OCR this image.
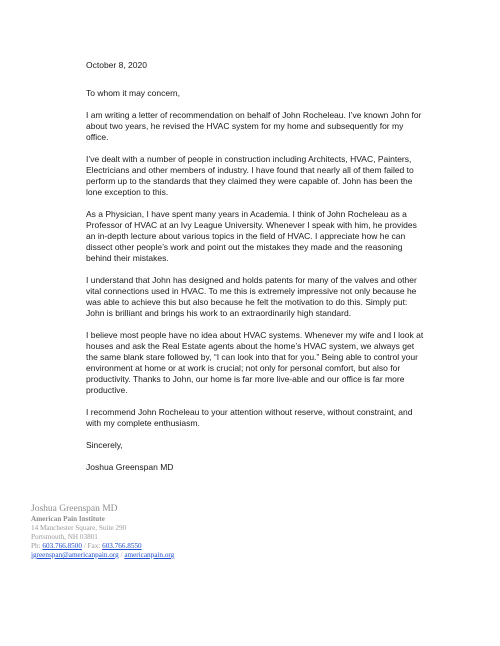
October 8, 2020

To whom it may concern,

I am writing a letter of recommendation on behalf of John Rocheleau. I’ve known John for about two years, he revised the HVAC system for my home and subsequently for my office.

I’ve dealt with a number of people in construction including Architects, HVAC, Painters, Electricians and other members of industry. I have found that nearly all of them failed to perform up to the standards that they claimed they were capable of. John has been the lone exception to this.

As a Physician, I have spent many years in Academia. I think of John Rocheleau as a Professor of HVAC at an Ivy League University. Whenever I speak with him, he provides an in-depth lecture about various topics in the field of HVAC. I appreciate how he can dissect other people’s work and point out the mistakes they made and the reasoning behind their mistakes.

I understand that John has designed and holds patents for many of the valves and other vital connections used in HVAC. To me this is extremely impressive not only because he was able to achieve this but also because he felt the motivation to do this. Simply put: John is brilliant and brings his work to an extraordinarily high standard.

I believe most people have no idea about HVAC systems. Whenever my wife and I look at houses and ask the Real Estate agents about the home’s HVAC system, we always get the same blank stare followed by, “I can look into that for you.” Being able to control your environment at home or at work is crucial; not only for personal comfort, but also for productivity. Thanks to John, our home is far more live-able and our office is far more productive.

I recommend John Rocheleau to your attention without reserve, without constraint, and with my complete enthusiasm.

Sincerely,

Joshua Greenspan MD

Joshua Greenspan MD
American Pain Institute
14 Manchester Square, Suite 290
Portsmouth, NH 03801
Ph: 603.766.8500 / Fax: 603.766.8550
jgreenspan@americanpain.org / americanpain.org
